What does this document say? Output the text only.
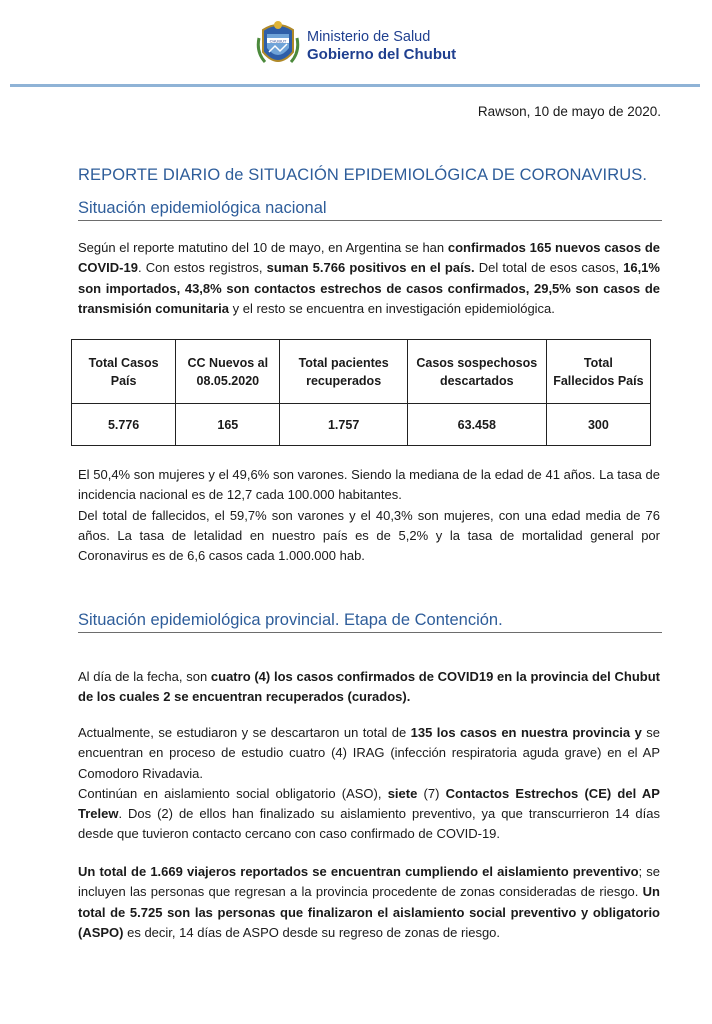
CHUBUT Ministerio de Salud
Gobierno del Chubut
Rawson, 10 de mayo de 2020.
REPORTE DIARIO de SITUACIÓN EPIDEMIOLÓGICA DE CORONAVIRUS.
Situación epidemiológica nacional
Según el reporte matutino del 10 de mayo, en Argentina se han confirmados 165 nuevos casos de COVID-19. Con estos registros, suman 5.766 positivos en el país. Del total de esos casos, 16,1% son importados, 43,8% son contactos estrechos de casos confirmados, 29,5% son casos de transmisión comunitaria y el resto se encuentra en investigación epidemiológica.
Total Casos País	CC Nuevos al 08.05.2020	Total pacientes recuperados	Casos sospechosos descartados	Total Fallecidos País
5.776	165	1.757	63.458	300
El 50,4% son mujeres y el 49,6% son varones. Siendo la mediana de la edad de 41 años. La tasa de incidencia nacional es de 12,7 cada 100.000 habitantes.
Del total de fallecidos, el 59,7% son varones y el 40,3% son mujeres, con una edad media de 76 años. La tasa de letalidad en nuestro país es de 5,2% y la tasa de mortalidad general por Coronavirus es de 6,6 casos cada 1.000.000 hab.
Situación epidemiológica provincial. Etapa de Contención.
Al día de la fecha, son cuatro (4) los casos confirmados de COVID19 en la provincia del Chubut de los cuales 2 se encuentran recuperados (curados).
Actualmente, se estudiaron y se descartaron un total de 135 los casos en nuestra provincia y se encuentran en proceso de estudio cuatro (4) IRAG (infección respiratoria aguda grave) en el AP Comodoro Rivadavia.
Continúan en aislamiento social obligatorio (ASO), siete (7) Contactos Estrechos (CE) del AP Trelew. Dos (2) de ellos han finalizado su aislamiento preventivo, ya que transcurrieron 14 días desde que tuvieron contacto cercano con caso confirmado de COVID-19.
Un total de 1.669 viajeros reportados se encuentran cumpliendo el aislamiento preventivo; se incluyen las personas que regresan a la provincia procedente de zonas consideradas de riesgo. Un total de 5.725 son las personas que finalizaron el aislamiento social preventivo y obligatorio (ASPO) es decir, 14 días de ASPO desde su regreso de zonas de riesgo.
